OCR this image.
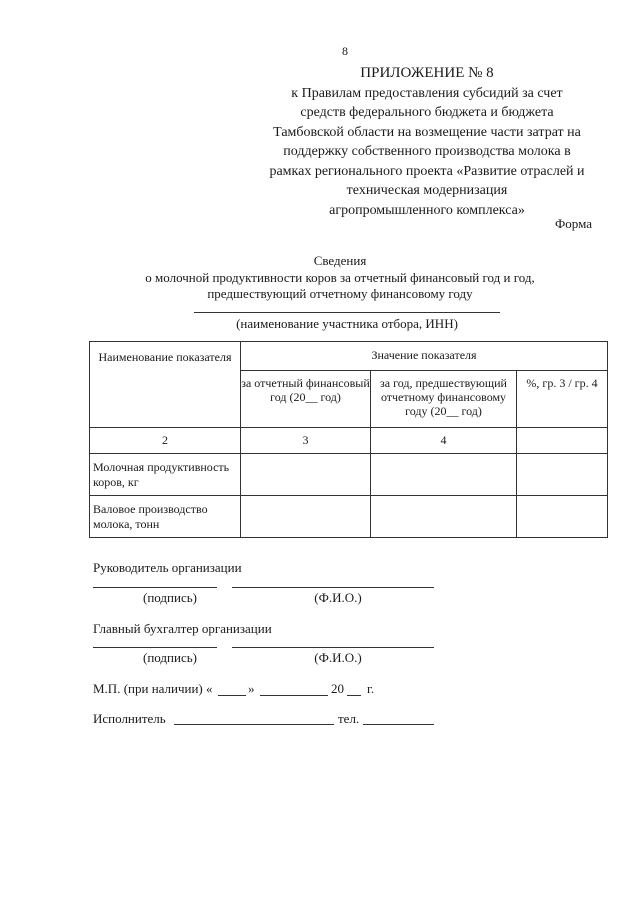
8
ПРИЛОЖЕНИЕ № 8
к Правилам предоставления субсидий за счет
средств федерального бюджета и бюджета
Тамбовской области на возмещение части затрат на
поддержку собственного производства молока в
рамках регионального проекта «Развитие отраслей и
техническая модернизация
агропромышленного комплекса»
Форма
Сведения
о молочной продуктивности коров за отчетный финансовый год и год,
предшествующий отчетному финансовому году
(наименование участника отбора, ИНН)
Наименование показателя	Значение показателя		
	за отчетный финансовый год (20__ год)	за год, предшествующий отчетному финансовому году (20__ год)	%, гр. 3 / гр. 4
2	3	4	
Молочная продуктивность коров, кг			
Валовое производство молока, тонн			
Руководитель организации
(подпись)	(Ф.И.О.)
Главный бухгалтер организации
(подпись)	(Ф.И.О.)
М.П. (при наличии) «	»	20 г.
Исполнитель	тел.
